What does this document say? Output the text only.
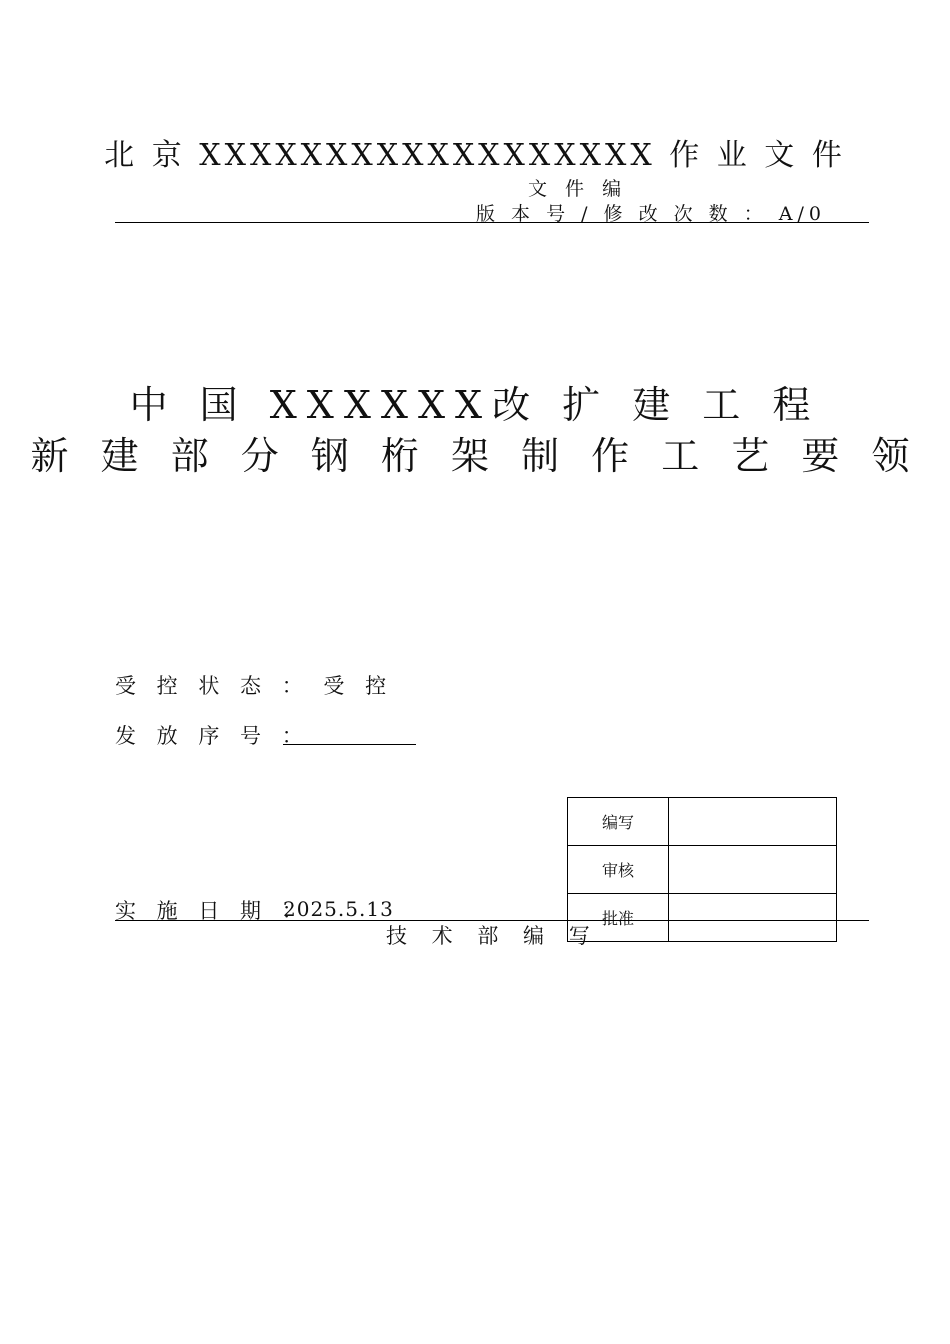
北 京 XXXXXXXXXXXXXXXXXX 作 业 文 件
文 件 编
版 本 号 / 修 改 次 数 ： A/0
中 国 XXXXXX改 扩 建 工 程
新 建 部 分 钢 桁 架 制 作 工 艺 要 领
受 控 状 态 ： 受 控
发 放 序 号 ：
编写	
审核	
批准	
实 施 日 期 ：
2025.5.13
技 术 部 编 写
